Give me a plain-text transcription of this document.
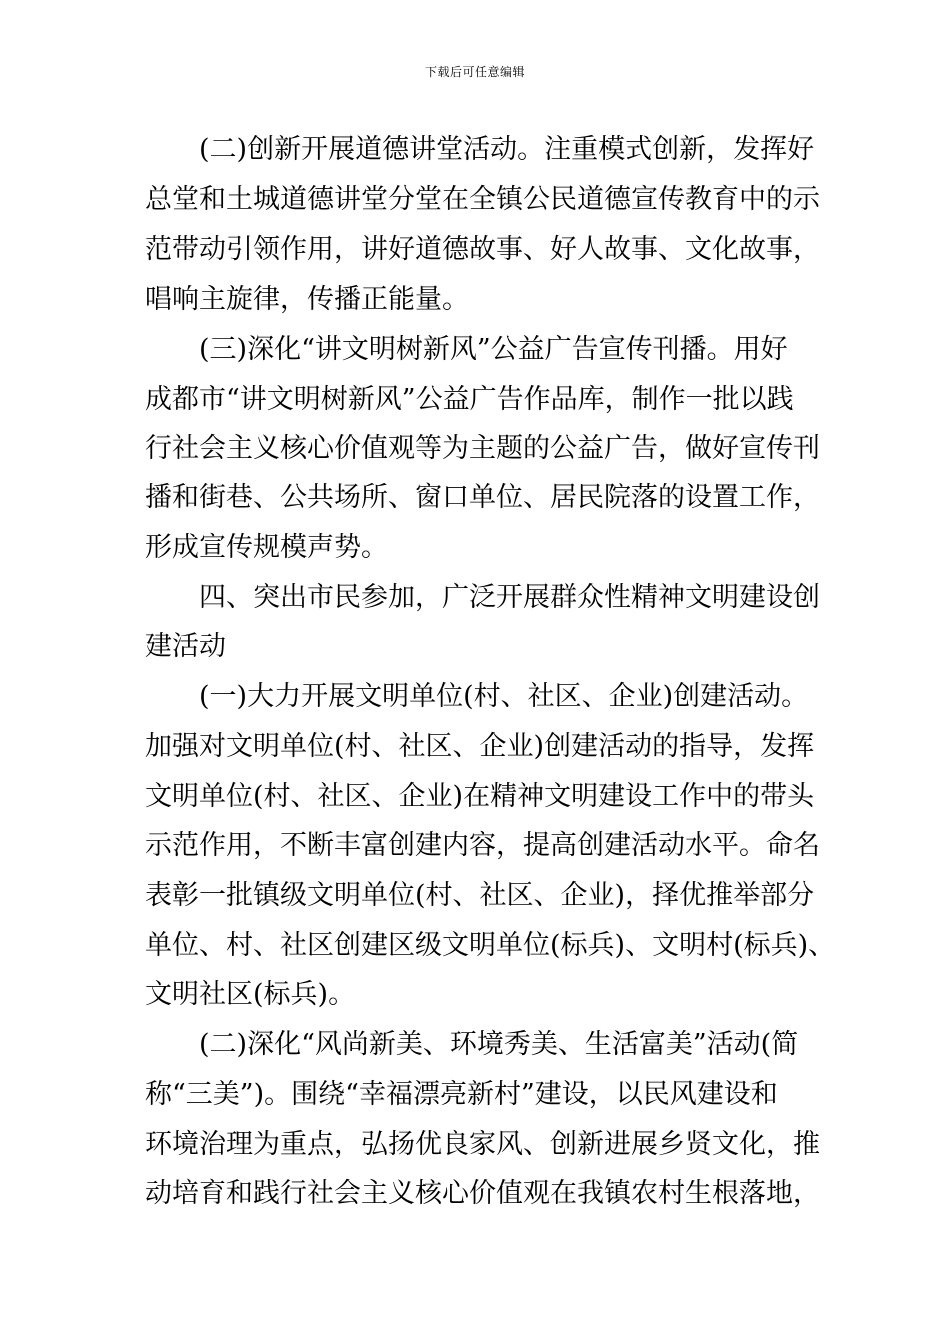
下载后可任意编辑
(二)创新开展道德讲堂活动。注重模式创新，发挥好
总堂和土城道德讲堂分堂在全镇公民道德宣传教育中的示
范带动引领作用，讲好道德故事、好人故事、文化故事，
唱响主旋律，传播正能量。
(三)深化“讲文明树新风”公益广告宣传刊播。用好
成都市“讲文明树新风”公益广告作品库，制作一批以践
行社会主义核心价值观等为主题的公益广告，做好宣传刊
播和街巷、公共场所、窗口单位、居民院落的设置工作，
形成宣传规模声势。
四、突出市民参加，广泛开展群众性精神文明建设创
建活动
(一)大力开展文明单位(村、社区、企业)创建活动。
加强对文明单位(村、社区、企业)创建活动的指导，发挥
文明单位(村、社区、企业)在精神文明建设工作中的带头
示范作用，不断丰富创建内容，提高创建活动水平。命名
表彰一批镇级文明单位(村、社区、企业)，择优推举部分
单位、村、社区创建区级文明单位(标兵)、文明村(标兵)、
文明社区(标兵)。
(二)深化“风尚新美、环境秀美、生活富美”活动(简
称“三美”)。围绕“幸福漂亮新村”建设，以民风建设和
环境治理为重点，弘扬优良家风、创新进展乡贤文化，推
动培育和践行社会主义核心价值观在我镇农村生根落地，
